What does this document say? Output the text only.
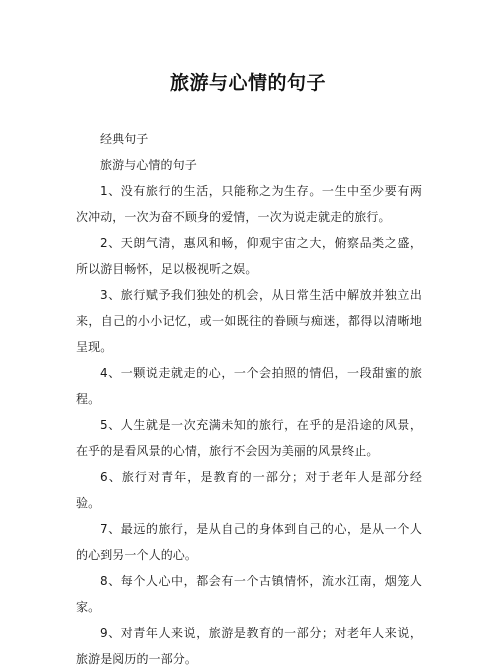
旅游与心情的句子

经典句子

旅游与心情的句子

1、没有旅行的生活，只能称之为生存。一生中至少要有两次冲动，一次为奋不顾身的爱情，一次为说走就走的旅行。

2、天朗气清，惠风和畅，仰观宇宙之大，俯察品类之盛，所以游目畅怀，足以极视听之娱。

3、旅行赋予我们独处的机会，从日常生活中解放并独立出来，自己的小小记忆，或一如既往的眷顾与痴迷，都得以清晰地呈现。

4、一颗说走就走的心，一个会拍照的情侣，一段甜蜜的旅程。

5、人生就是一次充满未知的旅行，在乎的是沿途的风景，在乎的是看风景的心情，旅行不会因为美丽的风景终止。

6、旅行对青年，是教育的一部分；对于老年人是部分经验。

7、最远的旅行，是从自己的身体到自己的心，是从一个人的心到另一个人的心。

8、每个人心中，都会有一个古镇情怀，流水江南，烟笼人家。

9、对青年人来说，旅游是教育的一部分；对老年人来说，旅游是阅历的一部分。
